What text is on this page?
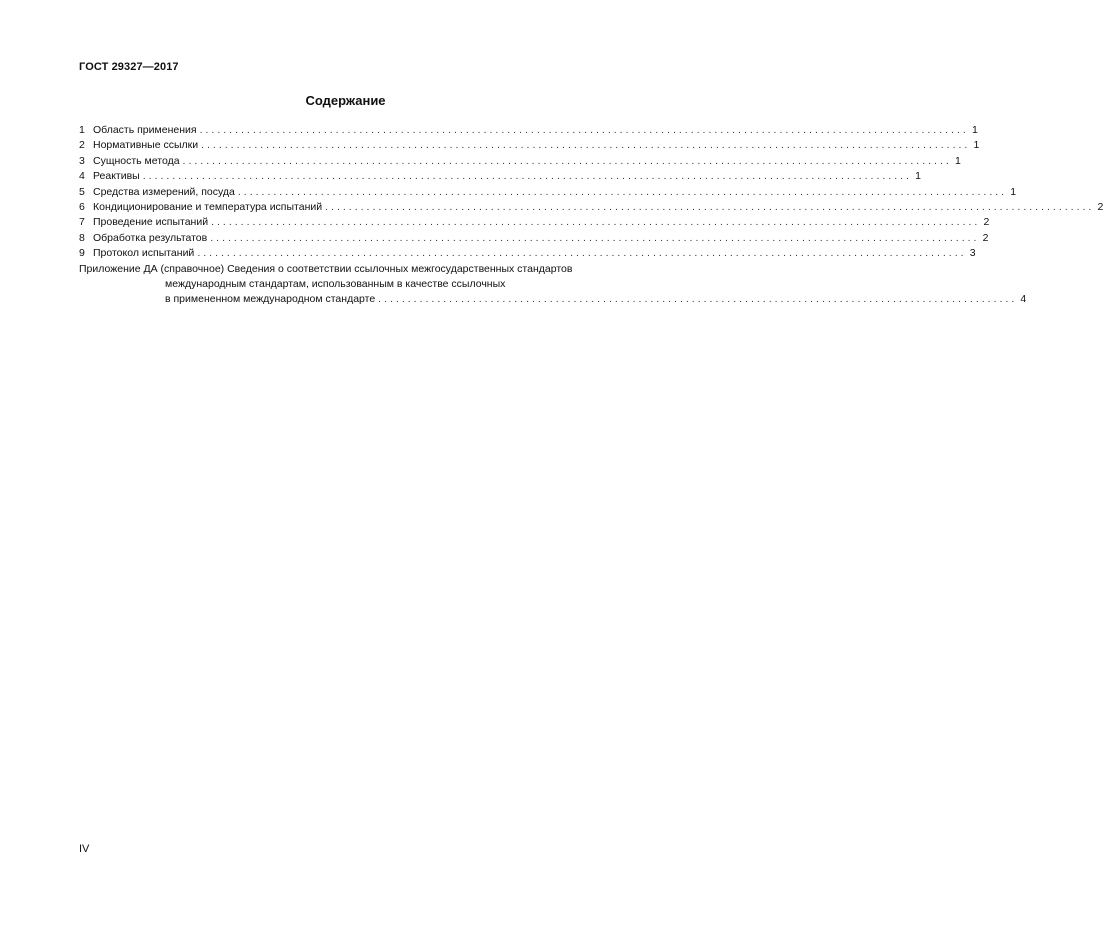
ГОСТ 29327—2017
Содержание
1 Область применения .................................................................................................................................. 1
2 Нормативные ссылки .................................................................................................................................. 1
3 Сущность метода .................................................................................................................................. 1
4 Реактивы .................................................................................................................................. 1
5 Средства измерений, посуда .................................................................................................................................. 1
6 Кондиционирование и температура испытаний .................................................................................................................................. 2
7 Проведение испытаний .................................................................................................................................. 2
8 Обработка результатов .................................................................................................................................. 2
9 Протокол испытаний .................................................................................................................................. 3
Приложение ДА (справочное) Сведения о соответствии ссылочных межгосударственных стандартов
международным стандартам, использованным в качестве ссылочных
в примененном международном стандарте ............................................................................................................ 4
IV
